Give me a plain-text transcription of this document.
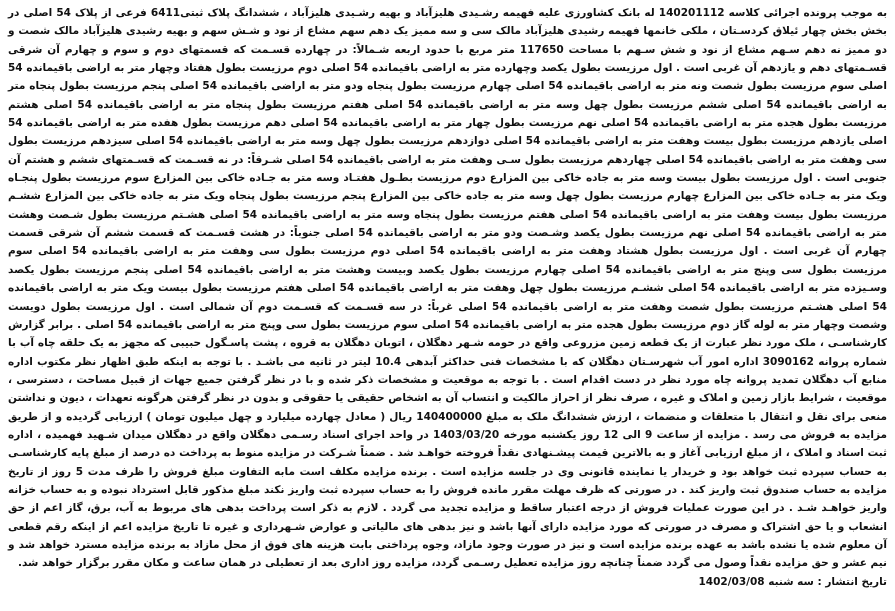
به موجب پرونده اجرائی کلاسه 140201112 له بانک کشاورزی علیه فهیمه رشـیدی هلیزآباد و بهیه رشـیدی هلیزآباد ، ششدانگ پلاک ثبتی6411 فرعی از پلاک 54 اصلی در بخش بخش چهار ئیلاق کردسـتان ، ملکی خانمها فهیمه رشیدی هلیزآباد مالک سی و سه ممیز یک دهم سهم مشاع از نود و شـش سهم و بهیه رشیدی هلیزآباد مالک شصت و دو ممیز نه دهم سـهم مشاع از نود و شش سـهم با مساحت 117650 متر مربع با حدود اربعه شـمالاً: در چهارده قسـمت که قسمتهای دوم و سوم و چهارم آن شرقی قسـمتهای دهم و یازدهم آن غربی است . اول مرزیست بطول یکصد وچهارده متر به اراضی باقیمانده 54 اصلی دوم مرزیست بطول هفتاد وچهار متر به اراضی باقیمانده 54 اصلی سوم مرزیست بطول شصت ونه متر به اراضی باقیمانده 54 اصلی چهارم مرزیست بطول پنجاه ودو متر به اراضی باقیمانده 54 اصلی پنجم مرزیست بطول پنجاه متر به اراضی باقیمانده 54 اصلی ششم مرزیست بطول چهل وسه متر به اراضی باقیمانده 54 اصلی هفتم مرزیست بطول پنجاه متر به اراضی باقیمانده 54 اصلی هشتم مرزیست بطول هجده متر به اراضی باقیمانده 54 اصلی نهم مرزیست بطول چهار متر به اراضی باقیمانده 54 اصلی دهم مرزیست بطول هفده متر به اراضی باقیمانده 54 اصلی یازدهم مرزیست بطول بیست وهفت متر به اراضی باقیمانده 54 اصلی دوازدهم مرزیست بطول چهل وسه متر به اراضی باقیمانده 54 اصلی سیزدهم مرزیست بطول سی وهفت متر به اراضی باقیمانده 54 اصلی چهاردهم مرزیست بطول سـی وهفت متر به اراضی باقیمانده 54 اصلی شـرقاً: در نه قسـمت که قسـمتهای ششم و هشتم آن جنوبی است . اول مرزیست بطول بیست وسه متر به جاده خاکی بین المزارع دوم مرزیست بطـول هفتـاد وسه متر به جـاده خاکی بین المزارع سوم مرزیست بطول پنجـاه ویک متر به جـاده خاکی بین المزارع چهارم مرزیست بطول چهل وسه متر به جاده خاکی بین المزارع پنجم مرزیست بطول پنجاه ویک متر به جاده خاکی بین المزارع ششـم مرزیست بطول بیست وهفت متر به اراضی باقیمانده 54 اصلی هفتم مرزیست بطول پنجاه وسه متر به اراضی باقیمانده 54 اصلی هشـتم مرزیست بطول شـصت وهشت متر به اراضی باقیمانده 54 اصلی نهم مرزیست بطول یکصد وشـصت ودو متر به اراضی باقیمانده 54 اصلی جنوباً: در هشت قسـمت که قسمت ششم آن شرقی قسمت چهارم آن غربی است . اول مرزیست بطول هشتاد وهفت متر به اراضی باقیمانده 54 اصلی دوم مرزیست بطول سی وهفت متر به اراضی باقیمانده 54 اصلی سوم مرزیست بطول سی وپنج متر به اراضی باقیمانده 54 اصلی چهارم مرزیست بطول یکصد وبیست وهشت متر به اراضی باقیمانده 54 اصلی پنجم مرزیست بطول یکصد وسـیزده متر به اراضی باقیمانده 54 اصلی ششـم مرزیست بطول چهل وهفت متر به اراضی باقیمانده 54 اصلی هفتم مرزیست بطول بیست ویک متر به اراضی باقیمانده 54 اصلی هشـتم مرزیست بطول شصت وهفت متر به اراضی باقیمانده 54 اصلی غرباً: در سه قسـمت که قسـمت دوم آن شمالی است . اول مرزیست بطول دویست وشصت وچهار متر به لوله گاز دوم مرزیست بطول هجده متر به اراضی باقیمانده 54 اصلی سوم مرزیست بطول سی وپنج متر به اراضی باقیمانده 54 اصلی . برابر گزارش کارشناسـی ، ملک مورد نظر عبارت از یک قطعه زمین مزروعی واقع در حومه شـهر دهگلان ، اتوبان دهگلان به قروه ، پشت پاسـگول حبیبی که مجهز به یک حلقه چاه آب با شماره پروانه 3090162 اداره امور آب شهرسـتان دهگلان که با مشخصات فنی حداکثر آبدهی 10.4 لیتر در ثانیه می باشـد . با توجه به اینکه طبق اظهار نظر مکتوب اداره منابع آب دهگلان تمدید پروانه چاه مورد نظر در دست اقدام است . با توجه به موقعیت و مشخصات ذکر شده و با در نظر گرفتن جمیع جهات از قبیل مساحت ، دسترسی ، موقعیت ، شرایط بازار زمین و املاک و غیره ، صرف نظر از احراز مالکیت و انتساب آن به اشخاص حقیقی یا حقوقی و بدون در نظر گرفتن هرگونه تعهدات ، دیون و نداشتن منعی برای نقل و انتقال با متعلقات و منضمات ، ارزش ششدانگ ملک به مبلغ 140400000 ریال ( معادل چهارده میلیارد و چهل میلیون تومان ) ارزیابی گردیده و از طریق مزایده به فروش می رسد . مزایده از ساعت 9 الی 12 روز یکشنبه مورخه 1403/03/20 در واحد اجرای اسناد رسـمی دهگلان واقع در دهگلان میدان شـهید فهمیده ، اداره ثبت اسناد و املاک ، از مبلغ ارزیابی آغاز و به بالاترین قیمت پیشـنهادی نقداً فروخته خواهـد شد . ضمناً شـرکت در مزایده منوط به پرداخت ده درصد از مبلغ پایه کارشناسـی به حساب سپرده ثبت خواهد بود و خریدار یا نماینده قانونی وی در جلسه مزایده است . برنده مزایده مکلف است مابه التفاوت مبلغ فروش را ظرف مدت 5 روز از تاریخ مزایده به حساب صندوق ثبت واریز کند . در صورتی که ظرف مهلت مقرر مانده فروش را به حساب سپرده ثبت واریز نکند مبلغ مذکور قابل استرداد نبوده و به حساب خزانه واریز خواهـد شـد . در این صورت عملیات فروش از درجه اعتبار ساقط و مزایده تجدید می گردد . لازم به ذکر است پرداخت بدهی های مربوط به آب، برق، گاز اعم از حق انشعاب و یا حق اشتراک و مصرف در صورتی که مورد مزایده دارای آنها باشد و نیز بدهی های مالیاتی و عوارض شـهرداری و غیره تا تاریخ مزایده اعم از اینکه رقم قطعی آن معلوم شده یا نشده باشد به عهده برنده مزایده است و نیز در صورت وجود مازاد، وجوه پرداختی بابت هزینه های فوق از محل مازاد به برنده مزایده مسترد خواهد شد و نیم عشر و حق مزایده نقداً وصول می گردد ضمناً چنانچه روز مزایده تعطیل رسـمی گردد، مزایده روز اداری بعد از تعطیلی در همان ساعت و مکان مقرر برگزار خواهد شد.

تاریخ انتشار : سه شنبه 1402/03/08
